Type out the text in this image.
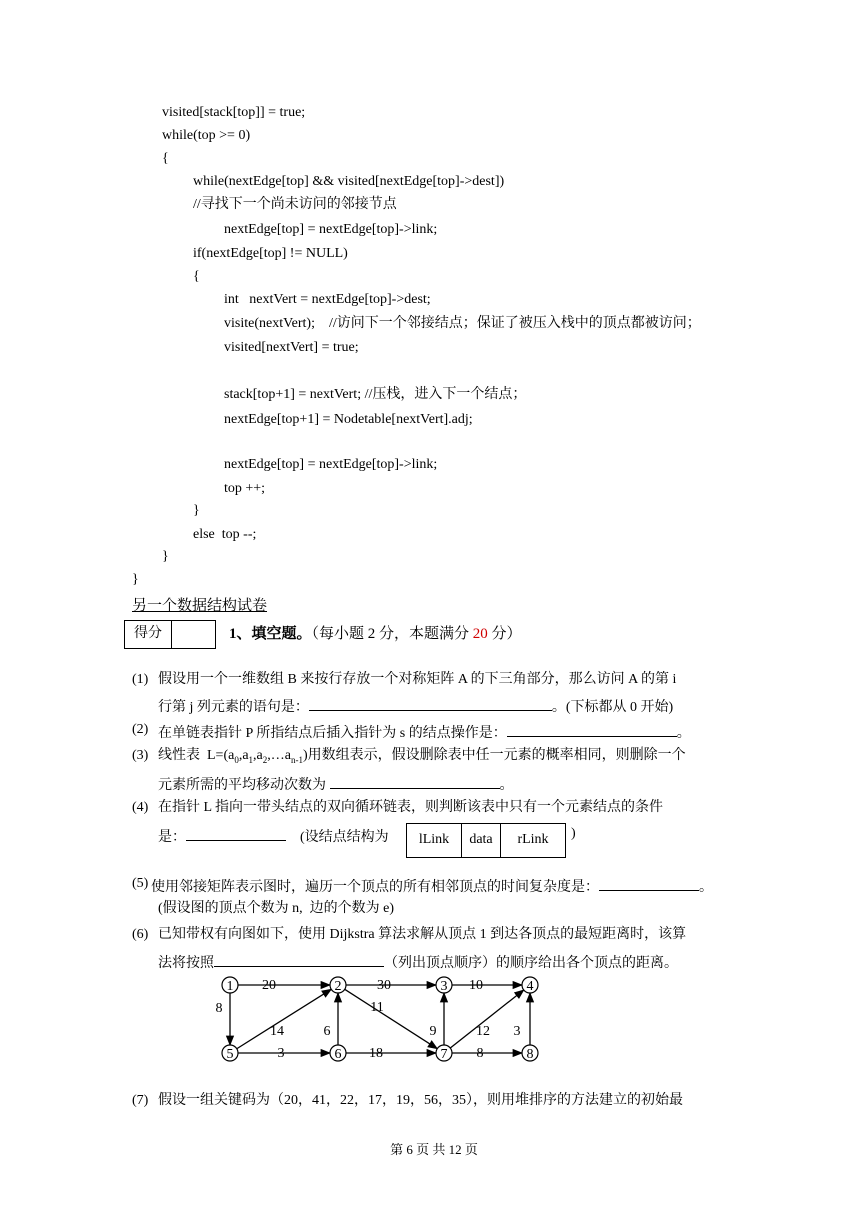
visited[stack[top]] = true;
while(top >= 0)
{
while(nextEdge[top] && visited[nextEdge[top]->dest])
//寻找下一个尚未访问的邻接节点
nextEdge[top] = nextEdge[top]->link;
if(nextEdge[top] != NULL)
{
int   nextVert = nextEdge[top]->dest;
visite(nextVert);    //访问下一个邻接结点；保证了被压入栈中的顶点都被访问；
visited[nextVert] = true;
stack[top+1] = nextVert; //压栈，进入下一个结点；
nextEdge[top+1] = Nodetable[nextVert].adj;
nextEdge[top] = nextEdge[top]->link;
top ++;
}
else  top --;
}
}
另一个数据结构试卷
得分	1、填空题。（每小题 2 分，本题满分 20 分）
(1) 假设用一个一维数组 B 来按行存放一个对称矩阵 A 的下三角部分，那么访问 A 的第 i
行第 j 列元素的语句是：	。(下标都从 0 开始)
(2) 在单链表指针 P 所指结点后插入指针为 s 的结点操作是：	。
(3) 线性表  $L=(a_0,a_1,a_2,\dots a_{n-1})$用数组表示，假设删除表中任一元素的概率相同，则删除一个
元素所需的平均移动次数为	。
(4) 在指针 L 指向一带头结点的双向循环链表，则判断该表中只有一个元素结点的条件
是：	(设结点结构为	lLink	data	rLink	)
(5) 使用邻接矩阵表示图时，遍历一个顶点的所有相邻顶点的时间复杂度是：	。
(假设图的顶点个数为 n,  边的个数为 e)
(6) 已知带权有向图如下，使用 Dijkstra 算法求解从顶点 1 到达各顶点的最短距离时，该算
法将按照	（列出顶点顺序）的顺序给出各个顶点的距离。
20	30	10
8
14	6
11
9	12 3
3	18	8
1	2	3	4
5	6	7	8
(7) 假设一组关键码为（20，41，22，17，19，56，35），则用堆排序的方法建立的初始最
第 6 页 共 12 页
